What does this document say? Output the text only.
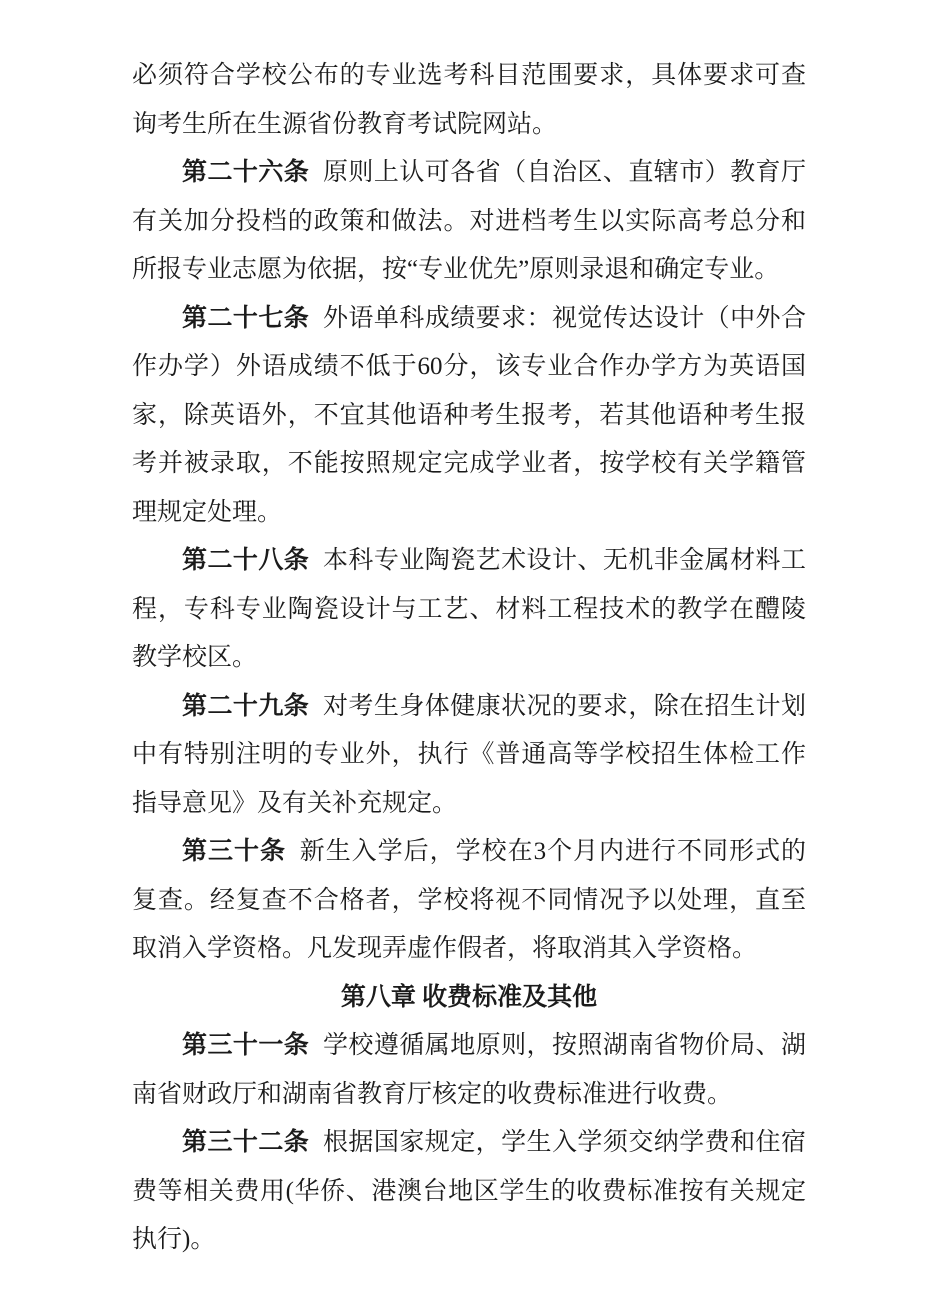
必须符合学校公布的专业选考科目范围要求，具体要求可查询考生所在生源省份教育考试院网站。

第二十六条 原则上认可各省（自治区、直辖市）教育厅有关加分投档的政策和做法。对进档考生以实际高考总分和所报专业志愿为依据，按“专业优先”原则录退和确定专业。

第二十七条 外语单科成绩要求：视觉传达设计（中外合作办学）外语成绩不低于60分，该专业合作办学方为英语国家，除英语外，不宜其他语种考生报考，若其他语种考生报考并被录取，不能按照规定完成学业者，按学校有关学籍管理规定处理。

第二十八条 本科专业陶瓷艺术设计、无机非金属材料工程，专科专业陶瓷设计与工艺、材料工程技术的教学在醴陵教学校区。

第二十九条 对考生身体健康状况的要求，除在招生计划中有特别注明的专业外，执行《普通高等学校招生体检工作指导意见》及有关补充规定。

第三十条 新生入学后，学校在3个月内进行不同形式的复查。经复查不合格者，学校将视不同情况予以处理，直至取消入学资格。凡发现弄虚作假者，将取消其入学资格。

第八章 收费标准及其他

第三十一条 学校遵循属地原则，按照湖南省物价局、湖南省财政厅和湖南省教育厅核定的收费标准进行收费。

第三十二条 根据国家规定，学生入学须交纳学费和住宿费等相关费用(华侨、港澳台地区学生的收费标准按有关规定执行)。
